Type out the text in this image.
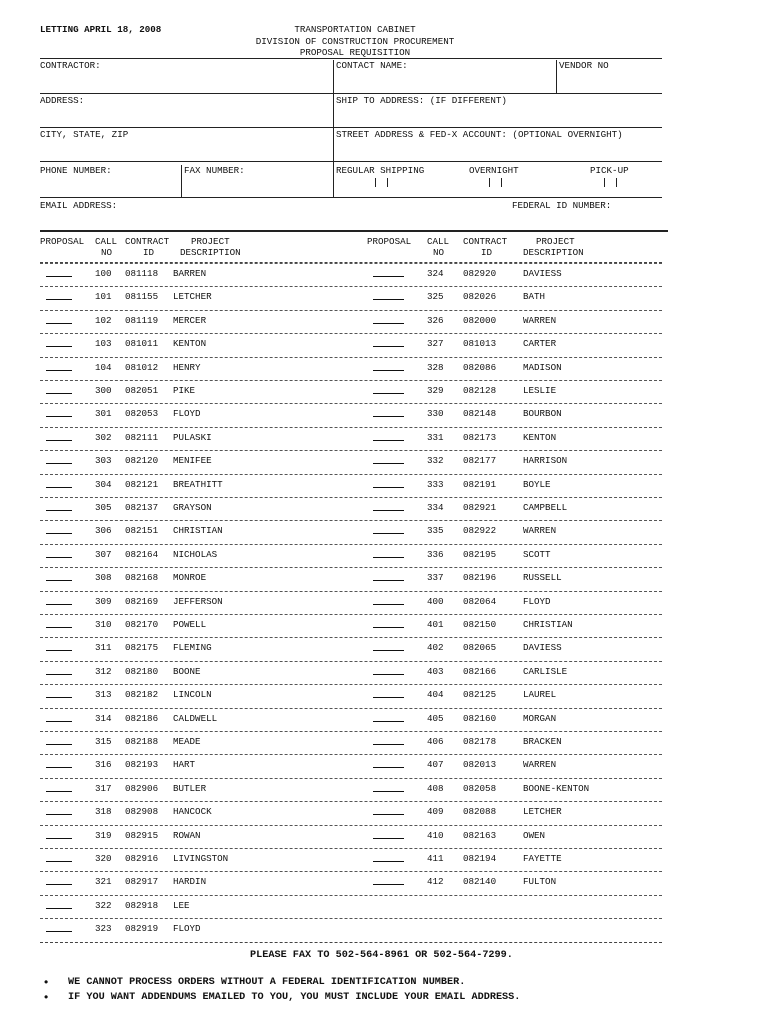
LETTING APRIL 18, 2008	TRANSPORTATION CABINET
DIVISION OF CONSTRUCTION PROCUREMENT
PROPOSAL REQUISITION
CONTRACTOR:	CONTACT NAME:	VENDOR NO
ADDRESS:	SHIP TO ADDRESS: (IF DIFFERENT)
CITY, STATE, ZIP	STREET ADDRESS & FED-X ACCOUNT: (OPTIONAL OVERNIGHT)
PHONE NUMBER:	FAX NUMBER:	REGULAR SHIPPING	OVERNIGHT	PICK-UP
EMAIL ADDRESS:	FEDERAL ID NUMBER:
PROPOSAL CALL CONTRACT PROJECT
NO	ID	DESCRIPTION
PROPOSAL CALL CONTRACT	PROJECT
NO	ID	DESCRIPTION
100 081118 BARREN	324 082920	DAVIESS
101 081155 LETCHER	325 082026	BATH
102 081119 MERCER	326 082000	WARREN
103 081011 KENTON	327 081013	CARTER
104 081012 HENRY	328 082086	MADISON
300 082051 PIKE	329 082128	LESLIE
301 082053 FLOYD	330 082148	BOURBON
302 082111 PULASKI	331 082173	KENTON
303 082120 MENIFEE	332 082177	HARRISON
304 082121 BREATHITT	333 082191	BOYLE
305 082137 GRAYSON	334 082921	CAMPBELL
306 082151 CHRISTIAN	335 082922	WARREN
307 082164 NICHOLAS	336 082195	SCOTT
308 082168 MONROE	337 082196	RUSSELL
309 082169 JEFFERSON	400 082064	FLOYD
310 082170 POWELL	401 082150	CHRISTIAN
311 082175 FLEMING	402 082065	DAVIESS
312 082180 BOONE	403 082166	CARLISLE
313 082182 LINCOLN	404 082125	LAUREL
314 082186 CALDWELL	405 082160	MORGAN
315 082188 MEADE	406 082178	BRACKEN
316 082193 HART	407 082013	WARREN
317 082906 BUTLER	408 082058	BOONE-KENTON
318 082908 HANCOCK	409 082088	LETCHER
319 082915 ROWAN	410 082163	OWEN
320 082916 LIVINGSTON	411 082194	FAYETTE
321 082917 HARDIN	412 082140	FULTON
322 082918 LEE
323 082919 FLOYD
PLEASE FAX TO 502-564-8961 OR 502-564-7299.
• WE CANNOT PROCESS ORDERS WITHOUT A FEDERAL IDENTIFICATION NUMBER.
• IF YOU WANT ADDENDUMS EMAILED TO YOU, YOU MUST INCLUDE YOUR EMAIL ADDRESS.
